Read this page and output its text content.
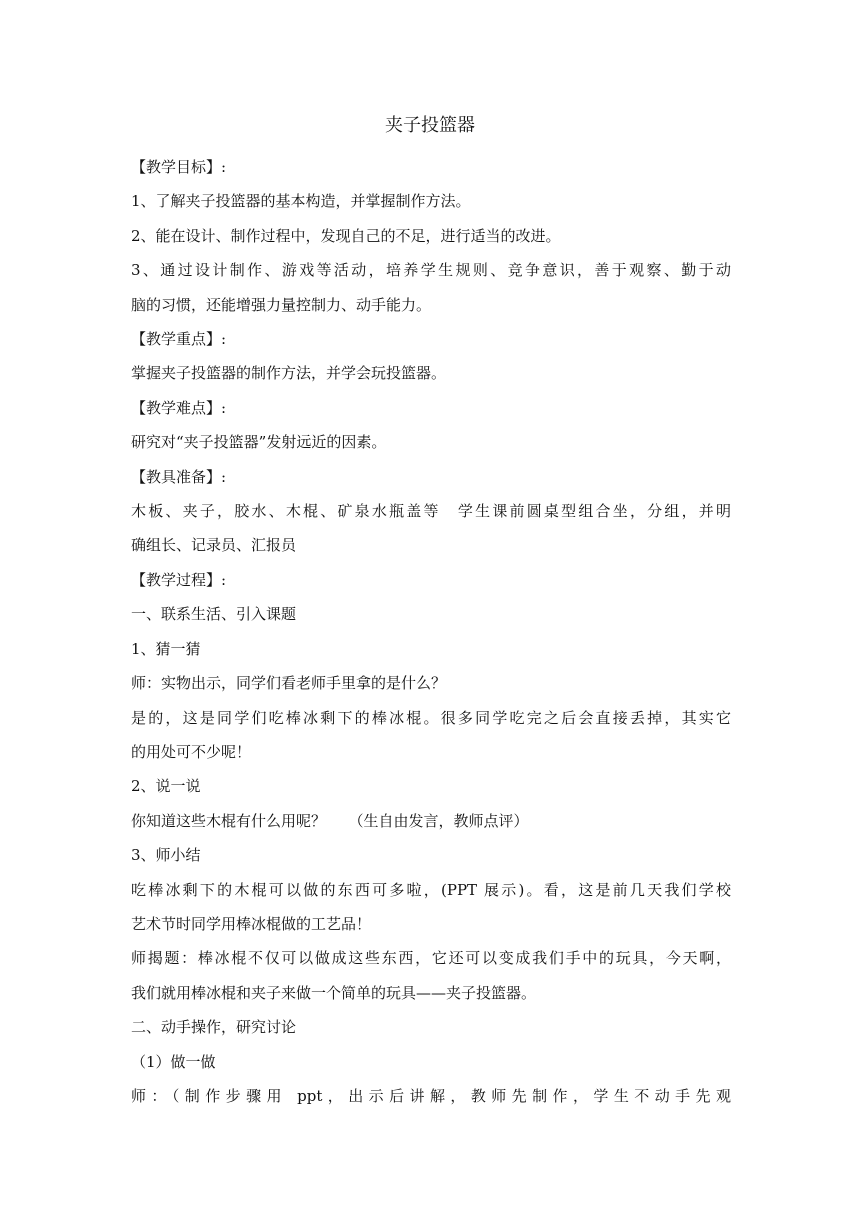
夹子投篮器

【教学目标】:

1、了解夹子投篮器的基本构造，并掌握制作方法。

2、能在设计、制作过程中，发现自己的不足，进行适当的改进。

3、通过设计制作、游戏等活动，培养学生规则、竞争意识，善于观察、勤于动

脑的习惯，还能增强力量控制力、动手能力。

【教学重点】:

掌握夹子投篮器的制作方法，并学会玩投篮器。

【教学难点】:

研究对“夹子投篮器”发射远近的因素。

【教具准备】:

木板、夹子，胶水、木棍、矿泉水瓶盖等　学生课前圆桌型组合坐，分组，并明

确组长、记录员、汇报员

【教学过程】:

一、联系生活、引入课题

1、猜一猜

师：实物出示，同学们看老师手里拿的是什么？

是的，这是同学们吃棒冰剩下的棒冰棍。很多同学吃完之后会直接丢掉，其实它

的用处可不少呢！

2、说一说

你知道这些木棍有什么用呢？　　（生自由发言，教师点评）

3、师小结

吃棒冰剩下的木棍可以做的东西可多啦，(PPT 展示)。看，这是前几天我们学校

艺术节时同学用棒冰棍做的工艺品！

师揭题：棒冰棍不仅可以做成这些东西，它还可以变成我们手中的玩具，今天啊，

我们就用棒冰棍和夹子来做一个简单的玩具——夹子投篮器。

二、动手操作，研究讨论

（1）做一做

师：（制作步骤用 ppt，出示后讲解，教师先制作，学生不动手先观
